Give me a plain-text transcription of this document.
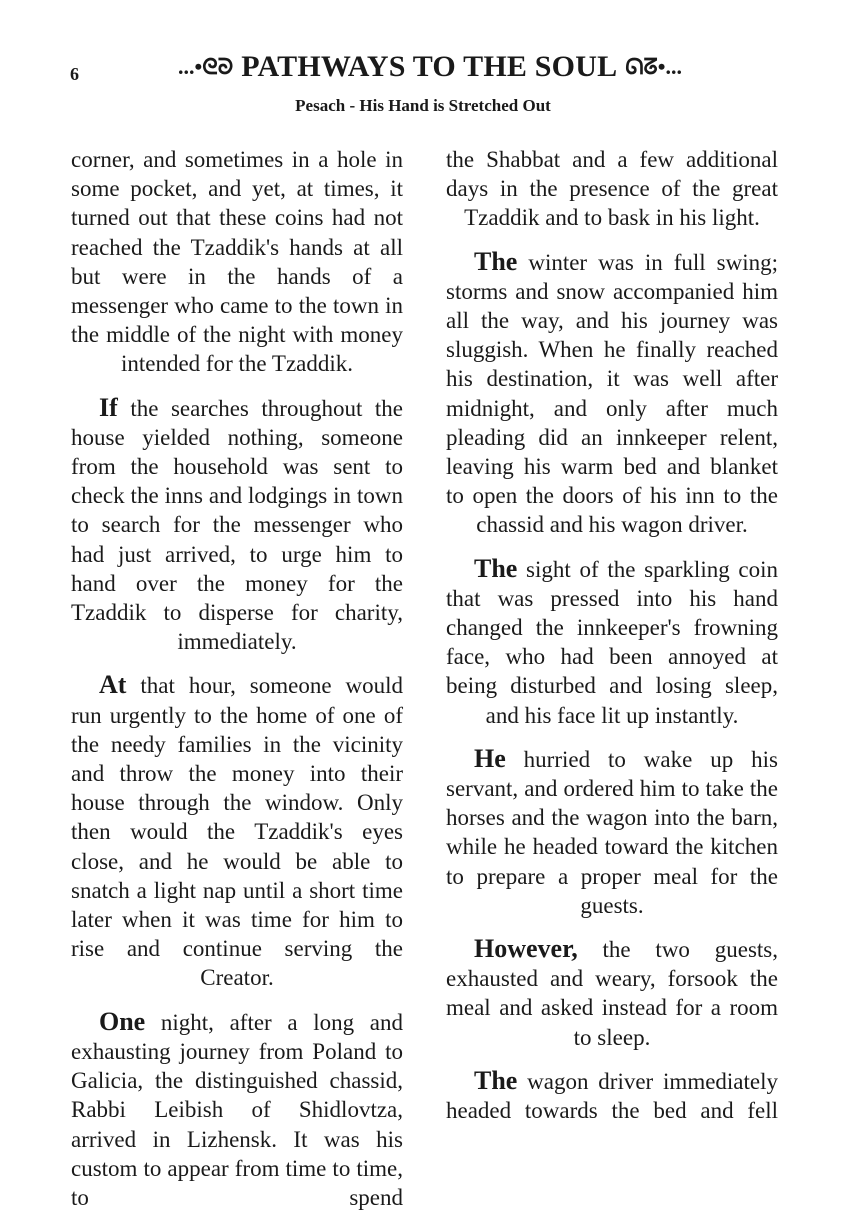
6	...•ᘓᘐ PATHWAYS TO THE SOUL ᘏᘔ•...
Pesach - His Hand is Stretched Out

corner, and sometimes in a hole in some pocket, and yet, at times, it turned out that these coins had not reached the Tzaddik's hands at all but were in the hands of a messenger who came to the town in the middle of the night with money intended for the Tzaddik.

If the searches throughout the house yielded nothing, someone from the household was sent to check the inns and lodgings in town to search for the messenger who had just arrived, to urge him to hand over the money for the Tzaddik to disperse for charity, immediately.

At that hour, someone would run urgently to the home of one of the needy families in the vicinity and throw the money into their house through the window. Only then would the Tzaddik's eyes close, and he would be able to snatch a light nap until a short time later when it was time for him to rise and continue serving the Creator.

One night, after a long and exhausting journey from Poland to Galicia, the distinguished chassid, Rabbi Leibish of Shidlovtza, arrived in Lizhensk. It was his custom to appear from time to time, to spend

the Shabbat and a few additional days in the presence of the great Tzaddik and to bask in his light.

The winter was in full swing; storms and snow accompanied him all the way, and his journey was sluggish. When he finally reached his destination, it was well after midnight, and only after much pleading did an innkeeper relent, leaving his warm bed and blanket to open the doors of his inn to the chassid and his wagon driver.

The sight of the sparkling coin that was pressed into his hand changed the innkeeper's frowning face, who had been annoyed at being disturbed and losing sleep, and his face lit up instantly.

He hurried to wake up his servant, and ordered him to take the horses and the wagon into the barn, while he headed toward the kitchen to prepare a proper meal for the guests.

However, the two guests, exhausted and weary, forsook the meal and asked instead for a room to sleep.

The wagon driver immediately headed towards the bed and fell
